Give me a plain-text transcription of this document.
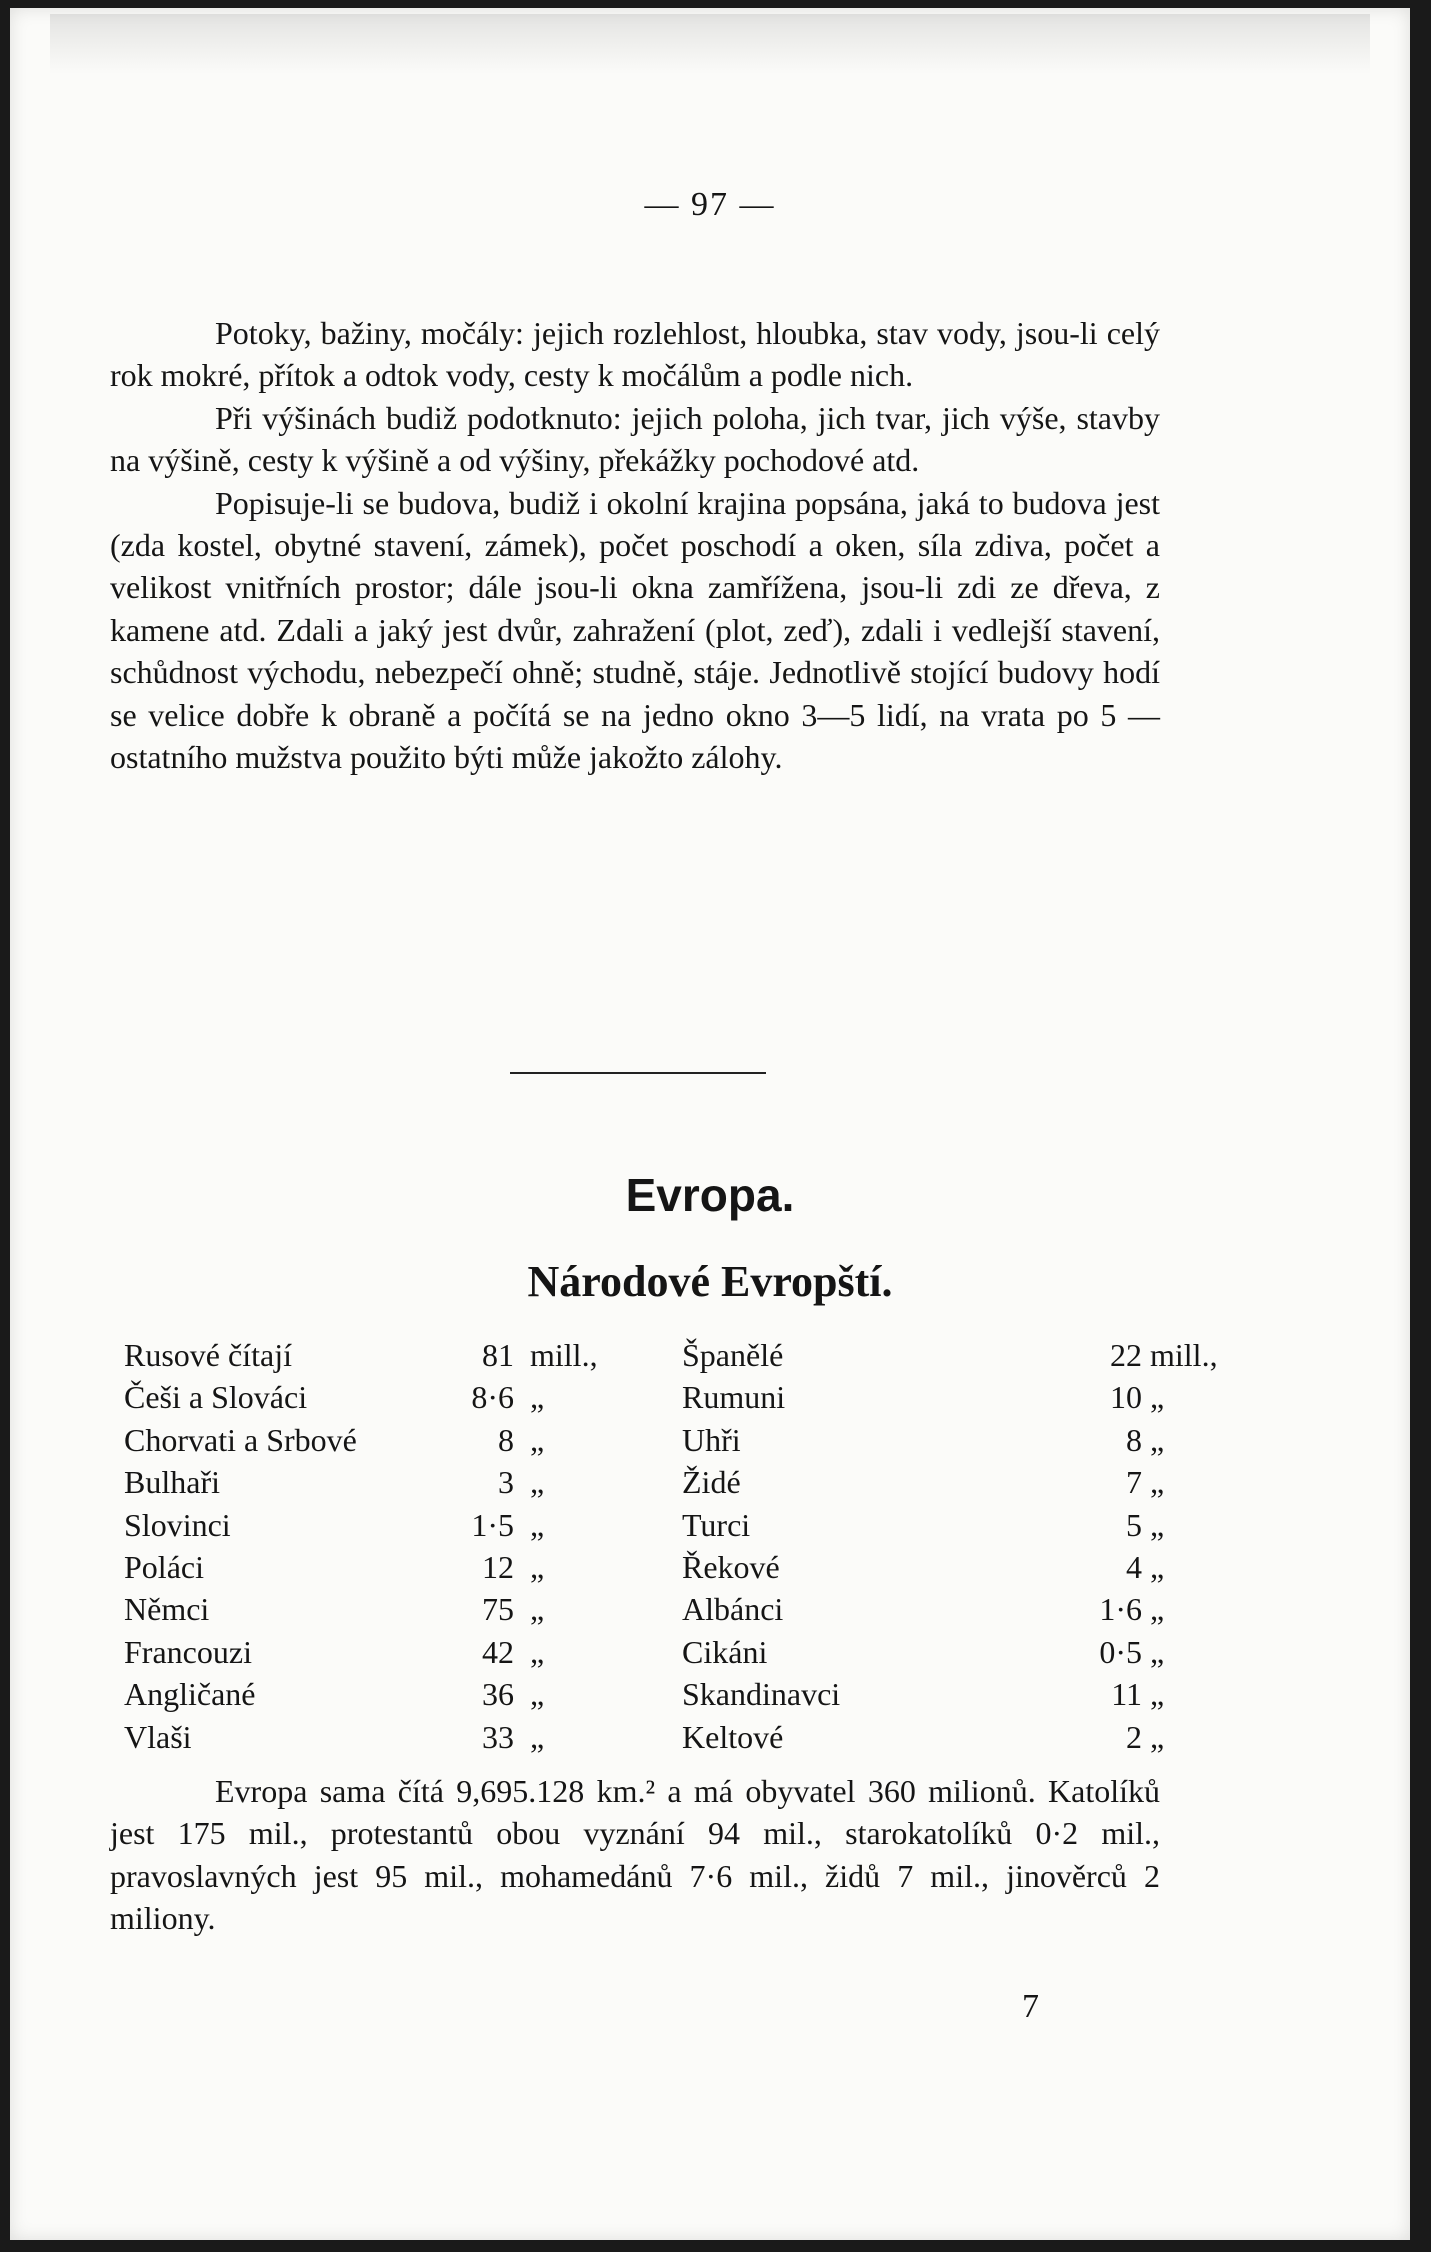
— 97 —

Potoky, bažiny, močály: jejich rozlehlost, hloubka, stav vody, jsou-li celý rok mokré, přítok a odtok vody, cesty k močálům a podle nich.

Při výšinách budiž podotknuto: jejich poloha, jich tvar, jich výše, stavby na výšině, cesty k výšině a od výšiny, překážky pochodové atd.

Popisuje-li se budova, budiž i okolní krajina popsána, jaká to budova jest (zda kostel, obytné stavení, zámek), počet poschodí a oken, síla zdiva, počet a velikost vnitřních prostor; dále jsou-li okna zamřížena, jsou-li zdi ze dřeva, z kamene atd. Zdali a jaký jest dvůr, zahražení (plot, zeď), zdali i vedlejší stavení, schůdnost východu, nebezpečí ohně; studně, stáje. Jednotlivě stojící budovy hodí se velice dobře k obraně a počítá se na jedno okno 3—5 lidí, na vrata po 5 — ostatního mužstva použito býti může jakožto zálohy.

Evropa.
Národové Evropští.
Rusové čítají	81 mill.,	Španělé	22 mill.,
Češi a Slováci	8·6 „	Rumuni	10 „
Chorvati a Srbové	8 „	Uhři	8 „
Bulhaři	3 „	Židé	7 „
Slovinci	1·5 „	Turci	5 „
Poláci	12 „	Řekové	4 „
Němci	75 „	Albánci	1·6 „
Francouzi	42 „	Cikáni	0·5 „
Angličané	36 „	Skandinavci	11 „
Vlaši	33 „	Keltové	2 „

Evropa sama čítá 9,695.128 km.² a má obyvatel 360 milionů. Katolíků jest 175 mil., protestantů obou vyznání 94 mil., starokatolíků 0·2 mil., pravoslavných jest 95 mil., mohamedánů 7·6 mil., židů 7 mil., jinověrců 2 miliony.

7
